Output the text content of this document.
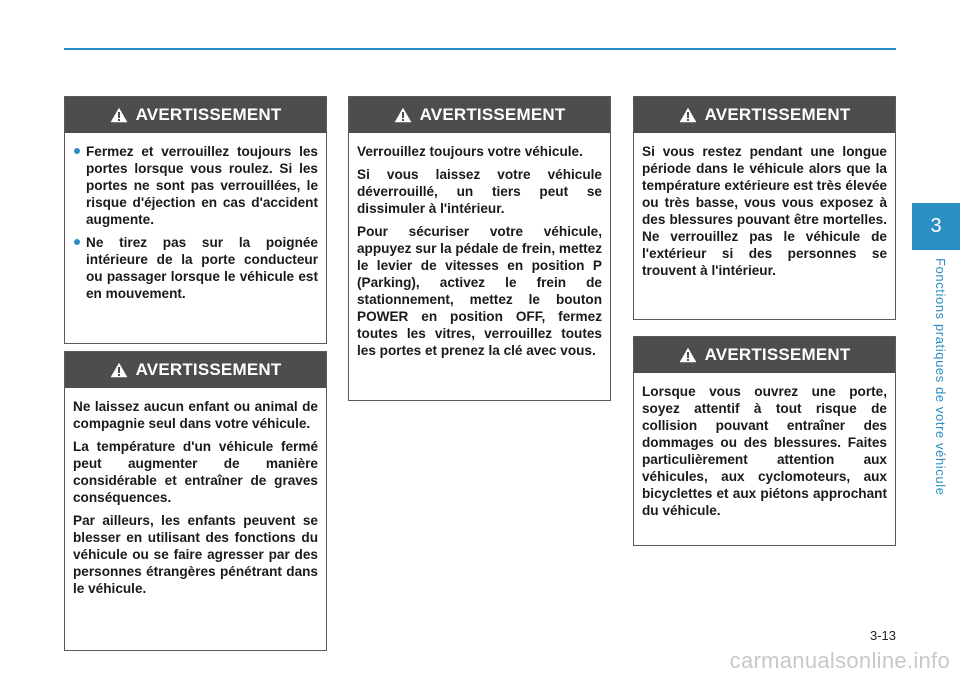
AVERTISSEMENT
Fermez et verrouillez toujours les portes lorsque vous roulez. Si les portes ne sont pas verrouillées, le risque d'éjection en cas d'accident augmente.
Ne tirez pas sur la poignée intérieure de la porte conducteur ou passager lorsque le véhicule est en mouvement.
AVERTISSEMENT

Ne laissez aucun enfant ou animal de compagnie seul dans votre véhicule.

La température d'un véhicule fermé peut augmenter de manière considérable et entraîner de graves conséquences.

Par ailleurs, les enfants peuvent se blesser en utilisant des fonctions du véhicule ou se faire agresser par des personnes étrangères pénétrant dans le véhicule.

AVERTISSEMENT

Verrouillez toujours votre véhicule.

Si vous laissez votre véhicule déverrouillé, un tiers peut se dissimuler à l'intérieur.

Pour sécuriser votre véhicule, appuyez sur la pédale de frein, mettez le levier de vitesses en position P (Parking), activez le frein de stationnement, mettez le bouton POWER en position OFF, fermez toutes les vitres, verrouillez toutes les portes et prenez la clé avec vous.

AVERTISSEMENT

Si vous restez pendant une longue période dans le véhicule alors que la température extérieure est très élevée ou très basse, vous vous exposez à des blessures pouvant être mortelles. Ne verrouillez pas le véhicule de l'extérieur si des personnes se trouvent à l'intérieur.

AVERTISSEMENT

Lorsque vous ouvrez une porte, soyez attentif à tout risque de collision pouvant entraîner des dommages ou des blessures. Faites particulièrement attention aux véhicules, aux cyclomoteurs, aux bicyclettes et aux piétons approchant du véhicule.

3
Fonctions pratiques de votre véhicule
3-13
carmanualsonline.info
